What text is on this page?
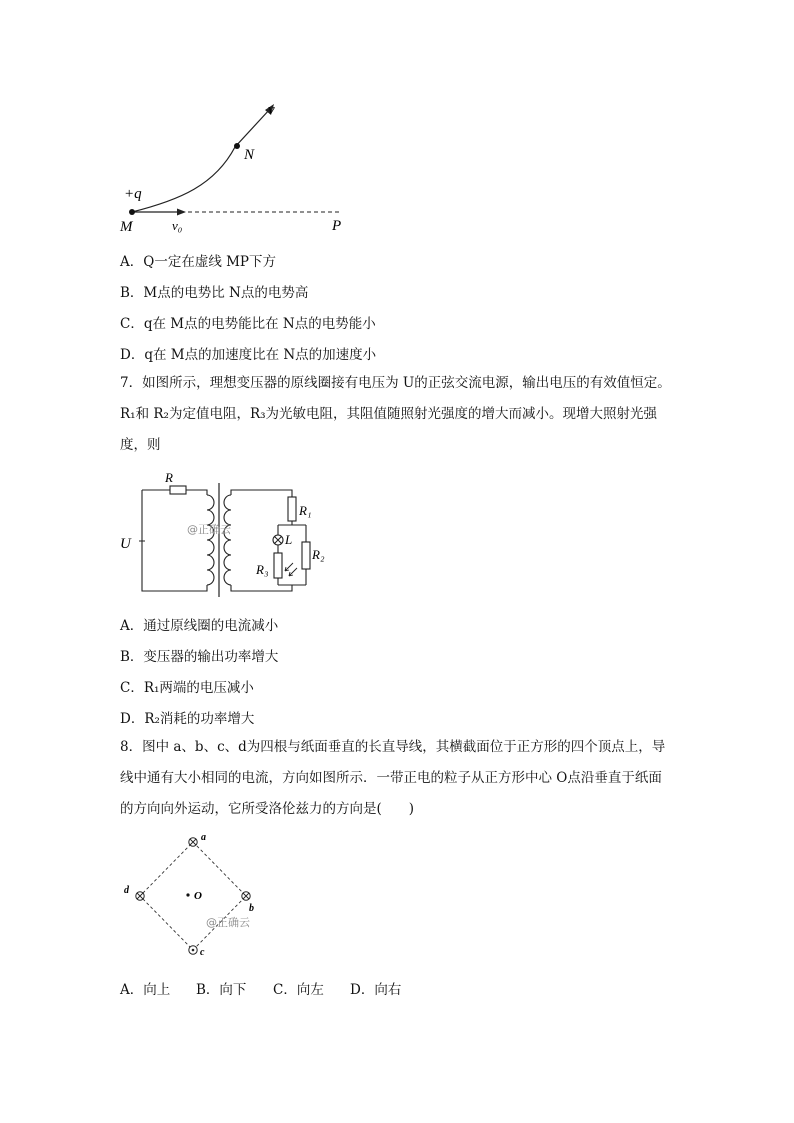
v
N
+q
M	v₀	P
A．Q一定在虚线 MP下方
B．M点的电势比 N点的电势高
C．q在 M点的电势能比在 N点的电势能小
D．q在 M点的加速度比在 N点的加速度小
7．如图所示，理想变压器的原线圈接有电压为 U的正弦交流电源，输出电压的有效值恒定。
R₁和 R₂为定值电阻，R₃为光敏电阻，其阻值随照射光强度的增大而减小。现增大照射光强
度，则
R
U
R₁
L
R₂
R₃
@正确云
A．通过原线圈的电流减小
B．变压器的输出功率增大
C．R₁两端的电压减小
D．R₂消耗的功率增大
8．图中 a、b、c、d为四根与纸面垂直的长直导线，其横截面位于正方形的四个顶点上，导
线中通有大小相同的电流，方向如图所示．一带正电的粒子从正方形中心 O点沿垂直于纸面
的方向向外运动，它所受洛伦兹力的方向是(　　)
O
a
b
c
d
@正确云
A．向上 B．向下 C．向左 D．向右
